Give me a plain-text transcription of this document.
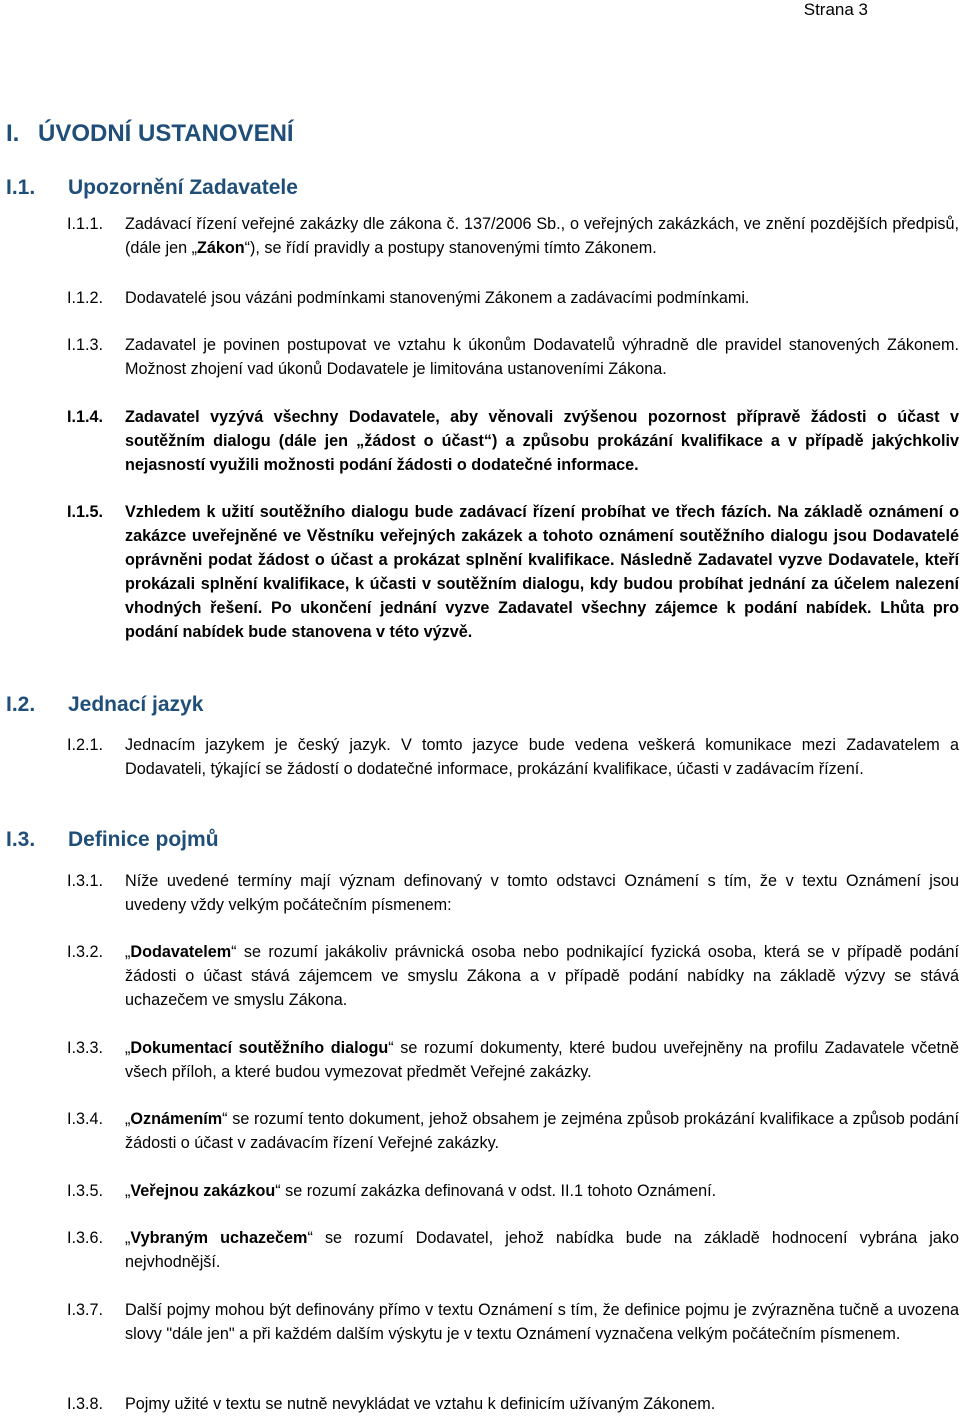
Strana 3
I. ÚVODNÍ USTANOVENÍ
I.1. Upozornění Zadavatele
I.1.1.	Zadávací řízení veřejné zakázky dle zákona č. 137/2006 Sb., o veřejných zakázkách, ve znění pozdějších předpisů, (dále jen „Zákon“), se řídí pravidly a postupy stanovenými tímto Zákonem.
I.1.2.	Dodavatelé jsou vázáni podmínkami stanovenými Zákonem a zadávacími podmínkami.
I.1.3.	Zadavatel je povinen postupovat ve vztahu k úkonům Dodavatelů výhradně dle pravidel stanovených Zákonem. Možnost zhojení vad úkonů Dodavatele je limitována ustanoveními Zákona.
I.1.4.	Zadavatel vyzývá všechny Dodavatele, aby věnovali zvýšenou pozornost přípravě žádosti o účast v soutěžním dialogu (dále jen „žádost o účast“) a způsobu prokázání kvalifikace a v případě jakýchkoliv nejasností využili možnosti podání žádosti o dodatečné informace.
I.1.5.	Vzhledem k užití soutěžního dialogu bude zadávací řízení probíhat ve třech fázích. Na základě oznámení o zakázce uveřejněné ve Věstníku veřejných zakázek a tohoto oznámení soutěžního dialogu jsou Dodavatelé oprávněni podat žádost o účast a prokázat splnění kvalifikace. Následně Zadavatel vyzve Dodavatele, kteří prokázali splnění kvalifikace, k účasti v soutěžním dialogu, kdy budou probíhat jednání za účelem nalezení vhodných řešení. Po ukončení jednání vyzve Zadavatel všechny zájemce k podání nabídek. Lhůta pro podání nabídek bude stanovena v této výzvě.
I.2. Jednací jazyk
I.2.1.	Jednacím jazykem je český jazyk. V tomto jazyce bude vedena veškerá komunikace mezi Zadavatelem a Dodavateli, týkající se žádostí o dodatečné informace, prokázání kvalifikace, účasti v zadávacím řízení.
I.3. Definice pojmů
I.3.1.	Níže uvedené termíny mají význam definovaný v tomto odstavci Oznámení s tím, že v textu Oznámení jsou uvedeny vždy velkým počátečním písmenem:
I.3.2.	„Dodavatelem“ se rozumí jakákoliv právnická osoba nebo podnikající fyzická osoba, která se v případě podání žádosti o účast stává zájemcem ve smyslu Zákona a v případě podání nabídky na základě výzvy se stává uchazečem ve smyslu Zákona.
I.3.3.	„Dokumentací soutěžního dialogu“ se rozumí dokumenty, které budou uveřejněny na profilu Zadavatele včetně všech příloh, a které budou vymezovat předmět Veřejné zakázky.
I.3.4.	„Oznámením“ se rozumí tento dokument, jehož obsahem je zejména způsob prokázání kvalifikace a způsob podání žádosti o účast v zadávacím řízení Veřejné zakázky.
I.3.5.	„Veřejnou zakázkou“ se rozumí zakázka definovaná v odst. II.1 tohoto Oznámení.
I.3.6.	„Vybraným uchazečem“ se rozumí Dodavatel, jehož nabídka bude na základě hodnocení vybrána jako nejvhodnější.
I.3.7.	Další pojmy mohou být definovány přímo v textu Oznámení s tím, že definice pojmu je zvýrazněna tučně a uvozena slovy "dále jen" a při každém dalším výskytu je v textu Oznámení vyznačena velkým počátečním písmenem.
I.3.8.	Pojmy užité v textu se nutně nevykládat ve vztahu k definicím užívaným Zákonem.
